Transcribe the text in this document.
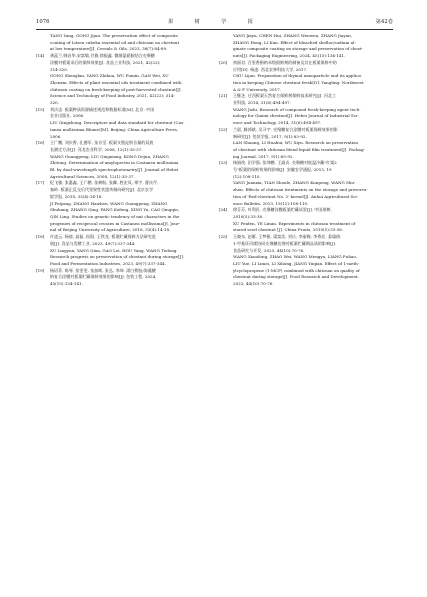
1076	果　树　学　报	第42卷

TANG Yang, GONG Jijun. The preservation effect of composite

coating of Litsea cubeba essential oil and chitosan on chestnut

at low temperature[J]. Cereals & Oils, 2023, 36(7):84-89.

[14] 龚蕊兰,韩启华,宋富敏,甘雅,徐振鑫. 微细氯硝胺结合壳聚糖

涂膜对板栗采后的保鲜效果[J]. 食品工业科技, 2021, 42(22):

314-320.

GONG Shenglan, YANG Zhihua, WU Fumin, GAN Wei, XU

Zhenxin. Effects of plant essential oils treatment combined with

chitosan coating on fresh-keeping of post-harvested chestnut[J].

Science and Technology of Food Industry, 2021, 42(22): 314-

320.

[15] 刘庆忠. 板栗种质资源描述规范和数据标准[M]. 北京: 中国

农业出版社, 2006.

LIU Qingzhong. Descriptors and data standard for chestnut (Cas-

tanea mollissima Blume)[M]. Beijing: China Agriculture Press,

2006.

[16] 王广鹏, 刘庆香, 孔德军, 张京至. 板栗支链淀粉含量的双波

长测定方法[J]. 河北农业科学, 2008, 12(1):35-37.

WANG Guangpeng, LIU Qingxiang, KONG Dejun, ZHANG

Zhitong. Determination of amylopectin in Castanea mollissima

Bl. by dual-wavelength spectrophotometry[J]. Journal of Hebei

Agricultural Sciences, 2008, 12(1):35-37.

[17] 纪飞雅, 张惠鑫, 王广鹏, 张树航, 张卿, 胜宏凤, 邢宇, 曹庆芹,

秦岭. 板栗正反交后代坚果性状遗传倾向研究[J]. 北京农学

院学报, 2018, 33(4):14-18.

JI Feiyang, ZHANG Haizhen, WANG Guangpeng, ZHANG

Shuhang, ZHANG Qing, FANG Kefeng, XING Yu, CAO Qingqin,

QIN Ling. Studies on genetic tendency of nut characters in the

progenies of reciprocal crosses in Castanea mollissima[J]. Jour-

nal of Beijing University of Agriculture, 2018, 33(4):14-18.

[18] 许凌云, 杨倩, 高磊, 侯阳, 王铁龙. 板栗贮藏保鲜方法研究进

展[J]. 食品与发酵工业, 2023, 49(7):337-344.

XU Lingyun, YANG Qian, GAO Lei, HOU Yang, WANG Tielong.

Research progress on preservation of chestnut during storage[J].

Food and Fermentation Industries, 2023, 49(7):337-344.

[19] 杨语菲, 陈琴, 张雯雯, 张加晖, 张弘, 李坤. 漂白紫胶/海藻酸

钠复合涂膜对板栗贮藏保鲜效果的影响[J]. 包装工程, 2024,

45(15):134-141.

YANG Jiayu, CHEN Hui, ZHANG Wenwen, ZHANG Jiayan,

ZHANG Hong, LI Kun. Effect of bleached shellac/sodium al-

ginate composite coating on storage and preservation of chest-

nuts[J]. Packaging Engineering, 2024, 45(15):134-141.

[20] 初丽君. 百里香酚纳米级银鲜剂的制备及其在板栗保鲜中的

应用[D]. 杨凌: 西北农林科技大学, 2017.

CHU Lijun. Preparation of thymol nanoparticle and its applica-

tion in keeping Chinese chestnut fresh[D]. Yangling: Northwest

A & F University, 2017.

[21] 王继芝. 迁西板栗天然复合保鲜剂保鲜技术研究[J]. 河北工

业科技, 2014, 31(6):494-497.

WANG Jizhi. Research of compound fresh-keeping agent tech-

nology for Qianxi chestnut[J]. Hebei Journal of Industrial Sci-

ence and Technology, 2014, 31(6):494-497.

[22] 兰晨, 滕郭斌, 吴习宇. 壳聚糖复合涂膜对板栗保鲜效果的影

响研究[J]. 包装学报, 2017, 9(1):85-92.

LAN Shuang, LI Huahui, WU Xiyu. Research on preservation

of chestnut with chitosan blend liquid film treatment[J]. Packag-

ing Journal, 2017, 9(1):85-92.

[23] 杨娟侠, 田学强, 张坤鹏, 王淑贞. 壳聚糖对低温冷藏"红栗2

号"板栗的保鲜效果的影响[J]. 安徽农学通报, 2013, 19

(12):108-110.

YANG Juanxia, TIAN Shoule, ZHANG Kunpeng, WANG Shu-

zhen. Effects of chitosan treatments on the storage and preserva-

tion of 'Red-chestnut No. 2' kernel[J]. Anhui Agricultural Sci-

ence Bulletin, 2013, 19(12):108-110.

[24] 徐芬芬, 叶利民. 壳聚糖涂膜板栗贮藏试验[J]. 中国果树,

2010(5):33-36.

XU Fenfen, YE Limin. Experiments in chitosan treatment of

stored seed chestnut [J]. China Fruits, 2010(5):33-36.

[25] 王晓东, 赵雁, 王梦雅, 梁富浩, 刘岳, 李丽梅, 李香宏, 姜瑜倩.

1-甲基环丙烯协同壳聚糖处理对板栗贮藏期品质的影响[J].

食品研究与开发, 2023, 44(10):70-76.

WANG Xiaodong, ZHAO Wei, WANG Mengya, LIANG Fuhao,

LIU Yue, LI Limei, LI Xihong, JIANG Yuqian. Effect of 1-meth-

ylcyclopropene (1-MCP) combined with chitosan on quality of

chestnut during storage[J]. Food Research and Development,

2023, 44(10):70-76.
